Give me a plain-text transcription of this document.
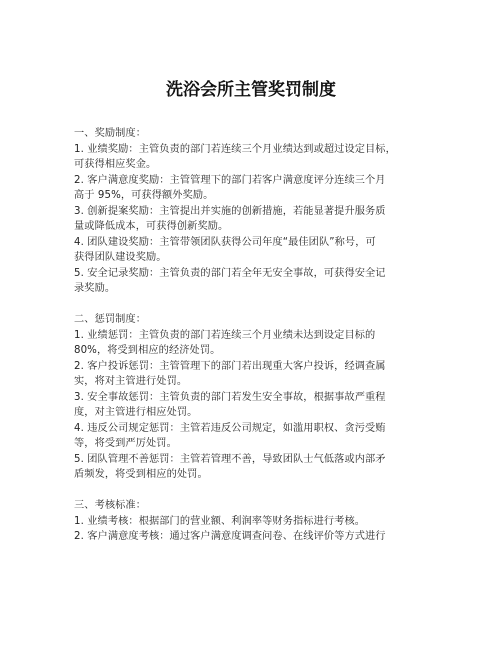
洗浴会所主管奖罚制度
一、奖励制度：
1. 业绩奖励：主管负责的部门若连续三个月业绩达到或超过设定目标，
可获得相应奖金。
2. 客户满意度奖励：主管管理下的部门若客户满意度评分连续三个月
高于 95%，可获得额外奖励。
3. 创新提案奖励：主管提出并实施的创新措施，若能显著提升服务质
量或降低成本，可获得创新奖励。
4. 团队建设奖励：主管带领团队获得公司年度“最佳团队”称号，可
获得团队建设奖励。
5. 安全记录奖励：主管负责的部门若全年无安全事故，可获得安全记
录奖励。
二、惩罚制度：
1. 业绩惩罚：主管负责的部门若连续三个月业绩未达到设定目标的
80%，将受到相应的经济处罚。
2. 客户投诉惩罚：主管管理下的部门若出现重大客户投诉，经调查属
实，将对主管进行处罚。
3. 安全事故惩罚：主管负责的部门若发生安全事故，根据事故严重程
度，对主管进行相应处罚。
4. 违反公司规定惩罚：主管若违反公司规定，如滥用职权、贪污受贿
等，将受到严厉处罚。
5. 团队管理不善惩罚：主管若管理不善，导致团队士气低落或内部矛
盾频发，将受到相应的处罚。
三、考核标准：
1. 业绩考核：根据部门的营业额、利润率等财务指标进行考核。
2. 客户满意度考核：通过客户满意度调查问卷、在线评价等方式进行
